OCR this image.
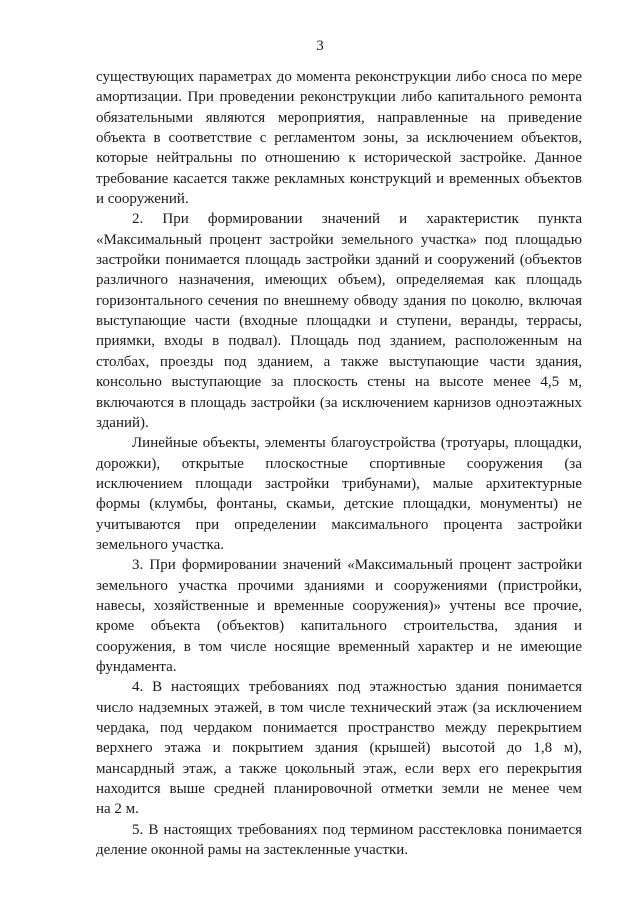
3
существующих параметрах до момента реконструкции либо сноса по мере
амортизации. При проведении реконструкции либо капитального ремонта
обязательными являются мероприятия, направленные на приведение
объекта в соответствие с регламентом зоны, за исключением объектов,
которые нейтральны по отношению к исторической застройке. Данное
требование касается также рекламных конструкций и временных объектов
и сооружений.
2. При формировании значений и характеристик пункта
«Максимальный процент застройки земельного участка» под площадью
застройки понимается площадь застройки зданий и сооружений (объектов
различного назначения, имеющих объем), определяемая как площадь
горизонтального сечения по внешнему обводу здания по цоколю, включая
выступающие части (входные площадки и ступени, веранды, террасы,
приямки, входы в подвал). Площадь под зданием, расположенным на
столбах, проезды под зданием, а также выступающие части здания,
консольно выступающие за плоскость стены на высоте менее 4,5 м,
включаются в площадь застройки (за исключением карнизов одноэтажных
зданий).
Линейные объекты, элементы благоустройства (тротуары, площадки,
дорожки), открытые плоскостные спортивные сооружения (за
исключением площади застройки трибунами), малые архитектурные
формы (клумбы, фонтаны, скамьи, детские площадки, монументы) не
учитываются при определении максимального процента застройки
земельного участка.
3. При формировании значений «Максимальный процент застройки
земельного участка прочими зданиями и сооружениями (пристройки,
навесы, хозяйственные и временные сооружения)» учтены все прочие,
кроме объекта (объектов) капитального строительства, здания и
сооружения, в том числе носящие временный характер и не имеющие
фундамента.
4. В настоящих требованиях под этажностью здания понимается
число надземных этажей, в том числе технический этаж (за исключением
чердака, под чердаком понимается пространство между перекрытием
верхнего этажа и покрытием здания (крышей) высотой до 1,8 м),
мансардный этаж, а также цокольный этаж, если верх его перекрытия
находится выше средней планировочной отметки земли не менее чем
на 2 м.
5. В настоящих требованиях под термином расстекловка понимается
деление оконной рамы на застекленные участки.
